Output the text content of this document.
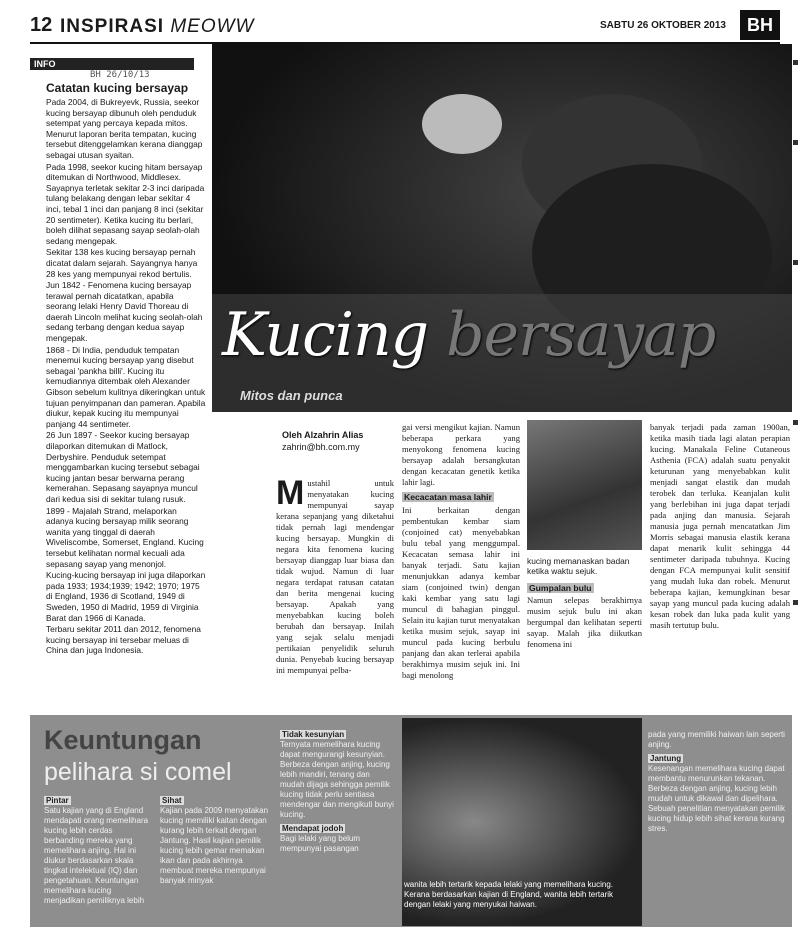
12 INSPIRASI MEOWW	SABTU 26 OKTOBER 2013	BH
INFO
BH 26/10/13
Catatan kucing bersayap

Pada 2004, di Bukreyevk, Russia, seekor kucing bersayap dibunuh oleh penduduk setempat yang percaya kepada mitos. Menurut laporan berita tempatan, kucing tersebut ditenggelamkan kerana dianggap sebagai utusan syaitan.

Pada 1998, seekor kucing hitam bersayap ditemukan di Northwood, Middlesex. Sayapnya terletak sekitar 2-3 inci daripada tulang belakang dengan lebar sekitar 4 inci, tebal 1 inci dan panjang 8 inci (sekitar 20 sentimeter). Ketika kucing itu berlari, boleh dilihat sepasang sayap seolah-olah sedang mengepak.

Sekitar 138 kes kucing bersayap pernah dicatat dalam sejarah. Sayangnya hanya 28 kes yang mempunyai rekod bertulis.

Jun 1842 - Fenomena kucing bersayap terawal pernah dicatatkan, apabila seorang lelaki Henry David Thoreau di daerah Lincoln melihat kucing seolah-olah sedang terbang dengan kedua sayap mengepak.

1868 - Di India, penduduk tempatan menemui kucing bersayap yang disebut sebagai 'pankha billi'. Kucing itu kemudiannya ditembak oleh Alexander Gibson sebelum kulitnya dikeringkan untuk tujuan penyimpanan dan pameran. Apabila diukur, kepak kucing itu mempunyai panjang 44 sentimeter.

26 Jun 1897 - Seekor kucing bersayap dilaporkan ditemukan di Matlock, Derbyshire. Penduduk setempat menggambarkan kucing tersebut sebagai kucing jantan besar berwarna perang kemerahan. Sepasang sayapnya muncul dari kedua sisi di sekitar tulang rusuk.

1899 - Majalah Strand, melaporkan adanya kucing bersayap milik seorang wanita yang tinggal di daerah Wiveliscombe, Somerset, England. Kucing tersebut kelihatan normal kecuali ada sepasang sayap yang menonjol.

Kucing-kucing bersayap ini juga dilaporkan pada 1933; 1934;1939; 1942; 1970; 1975 di England, 1936 di Scotland, 1949 di Sweden, 1950 di Madrid, 1959 di Virginia Barat dan 1966 di Kanada.

Terbaru sekitar 2011 dan 2012, fenomena kucing bersayap ini tersebar meluas di China dan juga Indonesia.

Kucing bersayap
Mitos dan punca
Oleh Alzahrin Alias
zahrin@bh.com.my
M ustahil untuk menyatakan kucing mempunyai sayap kerana sepanjang yang diketahui tidak pernah lagi mendengar kucing bersayap. Mungkin di negara kita fenomena kucing bersayap dianggap luar biasa dan tidak wujud. Namun di luar negara terdapat ratusan catatan dan berita mengenai kucing bersayap. Apakah yang menyebabkan kucing boleh berubah dan bersayap. Inilah yang sejak selalu menjadi pertikaian penyelidik seluruh dunia. Penyebab kucing bersayap ini mempunyai pelba-
gai versi mengikut kajian. Namun beberapa perkara yang menyokong fenomena kucing bersayap adalah bersangkutan dengan kecacatan genetik ketika lahir lagi.
Kecacatan masa lahir
Ini berkaitan dengan pembentukan kembar siam (conjoined cat) menyebabkan bulu tebal yang menggumpal. Kecacatan semasa lahir ini banyak terjadi. Satu kajian menunjukkan adanya kembar siam (conjoined twin) dengan kaki kembar yang satu lagi muncul di bahagian pinggul. Selain itu kajian turut menyatakan ketika musim sejuk, sayap ini muncul pada kucing berbulu panjang dan akan terlerai apabila berakhirnya musim sejuk ini. Ini bagi menolong
kucing memanaskan badan ketika waktu sejuk.
Gumpalan bulu
Namun selepas berakhirnya musim sejuk bulu ini akan bergumpal dan kelihatan seperti sayap. Malah jika diikutkan fenomena ini
banyak terjadi pada zaman 1900an, ketika masih tiada lagi alatan perapian kucing. Manakala Feline Cutaneous Asthenia (FCA) adalah suatu penyakit keturunan yang menyebabkan kulit menjadi sangat elastik dan mudah terobek dan terluka. Keanjalan kulit yang berlebihan ini juga dapat terjadi pada anjing dan manusia. Sejarah manusia juga pernah mencatatkan Jim Morris sebagai manusia elastik kerana dapat menarik kulit sehingga 44 sentimeter daripada tubuhnya. Kucing dengan FCA mempunyai kulit sensitif yang mudah luka dan robek. Menurut beberapa kajian, kemungkinan besar sayap yang muncul pada kucing adalah kesan robek dan luka pada kulit yang masih tertutup bulu.
Keuntungan
pelihara si comel
Pintar
Satu kajian yang di England mendapati orang memelihara kucing lebih cerdas berbanding mereka yang memelihara anjing. Hal ini diukur berdasarkan skala tingkat intelektual (IQ) dan pengetahuan. Keuntungan memelihara kucing menjadikan pemiliknya lebih
Sihat
Kajian pada 2009 menyatakan kucing memiliki kaitan dengan kurang lebih terkait dengan Jantung. Hasil kajian pemilik kucing lebih gemar memakan ikan dan pada akhirnya membuat mereka mempunyai banyak minyak
Tidak kesunyian
Ternyata memelihara kucing dapat mengurangi kesunyian. Berbeza dengan anjing, kucing lebih mandiri, tenang dan mudah dijaga sehingga pemilik kucing tidak perlu sentiasa mendengar dan mengikuti bunyi kucing.
Mendapat jodoh
Bagi lelaki yang belum mempunyai pasangan
pada yang memiliki haiwan lain seperti anjing.
Jantung
Kesenangan memelihara kucing dapat membantu menurunkan tekanan. Berbeza dengan anjing, kucing lebih mudah untuk dikawal dan dipelihara. Sebuah penelitian menyatakan pemilik kucing hidup lebih sihat kerana kurang stres.
wanita lebih tertarik kepada lelaki yang memelihara kucing. Kerana berdasarkan kajian di England, wanita lebih tertarik dengan lelaki yang menyukai haiwan.
